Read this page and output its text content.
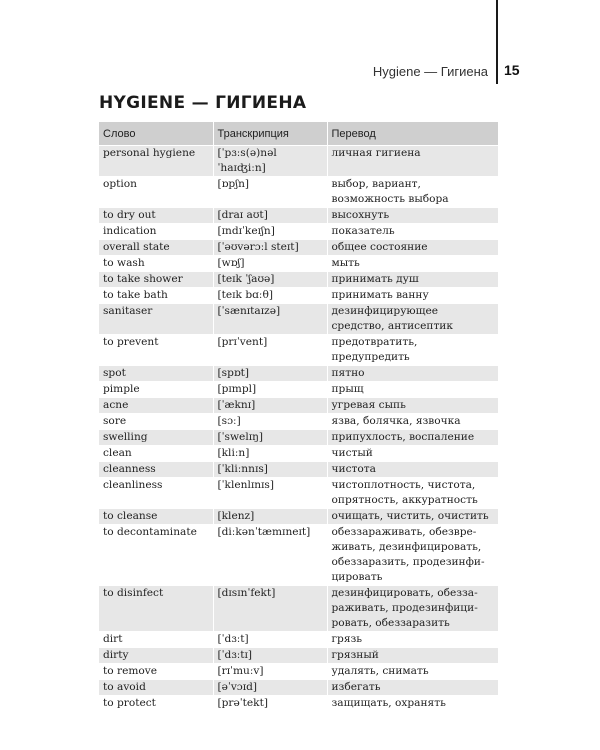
Hygiene — Гигиена 15
HYGIENE — ГИГИЕНА
Слово	Транскрипция	Перевод
personal hygiene	[ˈpɜːs(ə)nəl ˈhaɪʤiːn]	личная гигиена
option	[ɒpʃn]	выбор, вариант, возможность выбора
to dry out	[draɪ aʊt]	высохнуть
indication	[ɪndɪˈkeɪʃn]	показатель
overall state	[ˈəʊvərɔːl steɪt]	общее состояние
to wash	[wɒʃ]	мыть
to take shower	[teɪk ˈʃaʊə]	принимать душ
to take bath	[teɪk bɑːθ]	принимать ванну
sanitaser	[ˈsænɪtaɪzə]	дезинфицирующее средство, антисептик
to prevent	[prɪˈvent]	предотвратить, предупредить
spot	[spɒt]	пятно
pimple	[pɪmpl]	прыщ
acne	[ˈæknɪ]	угревая сыпь
sore	[sɔː]	язва, болячка, язвочка
swelling	[ˈswelɪŋ]	припухлость, воспаление
clean	[kliːn]	чистый
cleanness	[ˈkliːnnɪs]	чистота
cleanliness	[ˈklenlɪnɪs]	чистоплотность, чистота, опрятность, аккуратность
to cleanse	[klenz]	очищать, чистить, очистить
to decontaminate	[diːkənˈtæmɪneɪt]	обеззараживать, обезвреживать, дезинфицировать, обеззаразить, продезинфицировать
to disinfect	[dɪsɪnˈfekt]	дезинфицировать, обеззараживать, продезинфицировать, обеззаразить
dirt	[ˈdɜːt]	грязь
dirty	[ˈdɜːtɪ]	грязный
to remove	[rɪˈmuːv]	удалять, снимать
to avoid	[əˈvɔɪd]	избегать
to protect	[prəˈtekt]	защищать, охранять
